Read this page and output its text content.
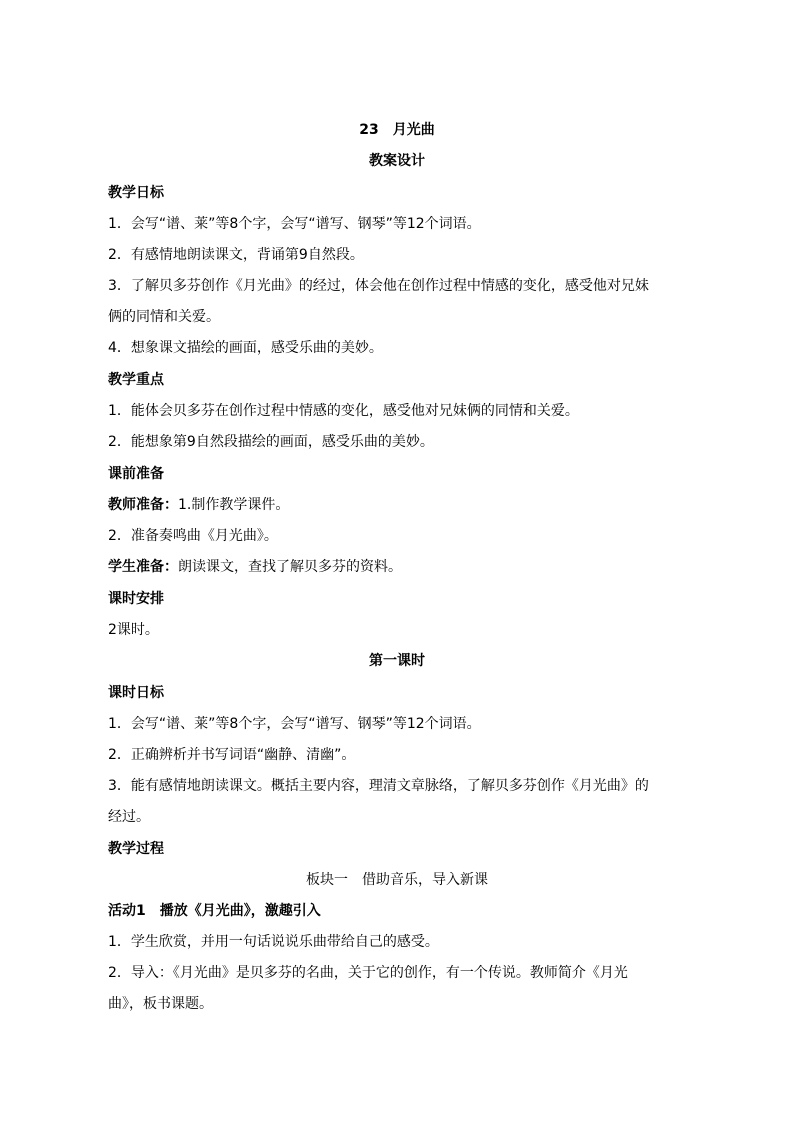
23 月光曲
教案设计
教学日标
1．会写“谱、莱”等8个字，会写“谱写、钢琴”等12个词语。
2．有感情地朗读课文，背诵第9自然段。
3．了解贝多芬创作《月光曲》的经过，体会他在创作过程中情感的变化，感受他对兄妹
俩的同情和关爱。
4．想象课文描绘的画面，感受乐曲的美妙。
教学重点
1．能体会贝多芬在创作过程中情感的变化，感受他对兄妹俩的同情和关爱。
2．能想象第9自然段描绘的画面，感受乐曲的美妙。
课前准备
教师准备：1.制作教学课件。
2．准备奏鸣曲《月光曲》。
学生准备：朗读课文，查找了解贝多芬的资料。
课时安排
2课时。
第一课时
课时日标
1．会写“谱、莱”等8个字，会写“谱写、钢琴”等12个词语。
2．正确辨析并书写词语“幽静、清幽”。
3．能有感情地朗读课文。概括主要内容，理清文章脉络，了解贝多芬创作《月光曲》的
经过。
教学过程
板块一　借助音乐，导入新课
活动1　播放《月光曲》，激趣引入
1．学生欣赏，并用一句话说说乐曲带给自己的感受。
2．导入：《月光曲》是贝多芬的名曲，关于它的创作，有一个传说。教师简介《月光
曲》，板书课题。
